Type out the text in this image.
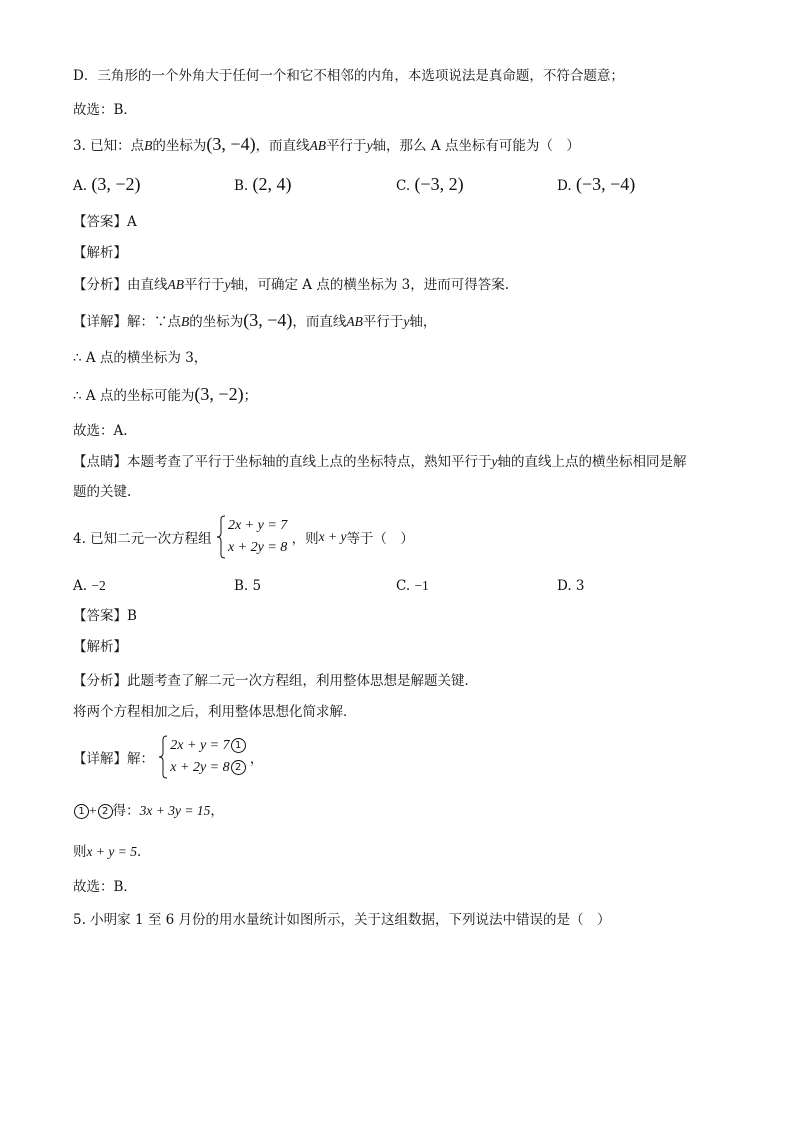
D．三角形的一个外角大于任何一个和它不相邻的内角，本选项说法是真命题，不符合题意；
故选：B．
3. 已知：点B的坐标为(3, −4)，而直线AB平行于y轴，那么 A 点坐标有可能为（　）
A. (3, −2)	B. (2, 4)	C. (−3, 2)	D. (−3, −4)
【答案】A
【解析】
【分析】由直线AB平行于y轴，可确定 A 点的横坐标为 3，进而可得答案.
【详解】解：∵点B的坐标为(3, −4)，而直线AB平行于y轴，
∴ A 点的横坐标为 3，
∴ A 点的坐标可能为(3, −2)；
故选：A.
【点睛】本题考查了平行于坐标轴的直线上点的坐标特点，熟知平行于y轴的直线上点的横坐标相同是解
题的关键.
4. 已知二元一次方程组
2x + y = 7
x + 2y = 8
，则x + y等于（　）
A. −2	B. 5	C. −1	D. 3
【答案】B
【解析】
【分析】此题考查了解二元一次方程组，利用整体思想是解题关键．
将两个方程相加之后，利用整体思想化简求解．
【详解】解：
2x + y = 7 1
x + 2y = 8 2
，
1 + 2 得：3x + 3y = 15，
则x + y = 5．
故选：B．
5. 小明家 1 至 6 月份的用水量统计如图所示，关于这组数据，下列说法中错误的是（　）
